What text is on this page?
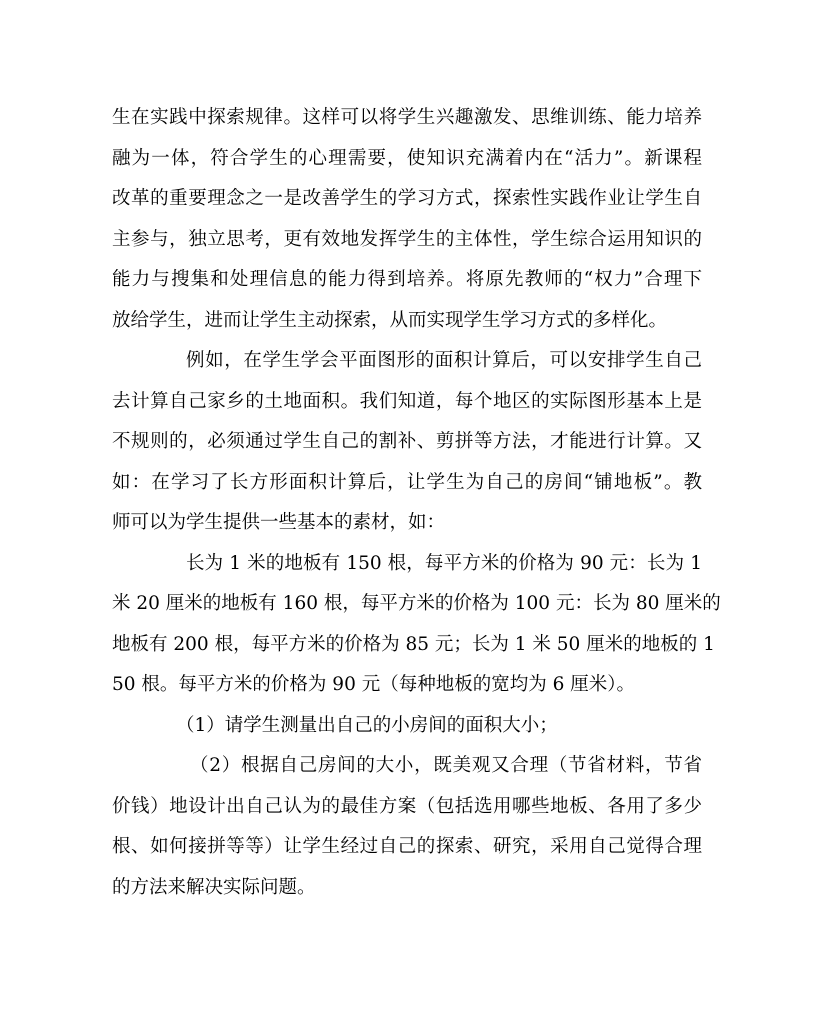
生在实践中探索规律。这样可以将学生兴趣激发、思维训练、能力培养
融为一体，符合学生的心理需要，使知识充满着内在“活力”。新课程
改革的重要理念之一是改善学生的学习方式，探索性实践作业让学生自
主参与，独立思考，更有效地发挥学生的主体性，学生综合运用知识的
能力与搜集和处理信息的能力得到培养。将原先教师的“权力”合理下
放给学生，进而让学生主动探索，从而实现学生学习方式的多样化。
例如，在学生学会平面图形的面积计算后，可以安排学生自己
去计算自己家乡的土地面积。我们知道，每个地区的实际图形基本上是
不规则的，必须通过学生自己的割补、剪拼等方法，才能进行计算。又
如：在学习了长方形面积计算后，让学生为自己的房间“铺地板”。教
师可以为学生提供一些基本的素材，如：
长为 1 米的地板有 150 根，每平方米的价格为 90 元：长为 1
米 20 厘米的地板有 160 根，每平方米的价格为 100 元：长为 80 厘米的
地板有 200 根，每平方米的价格为 85 元；长为 1 米 50 厘米的地板的 1
50 根。每平方米的价格为 90 元（每种地板的宽均为 6 厘米）。
（1）请学生测量出自己的小房间的面积大小；
（2）根据自己房间的大小，既美观又合理（节省材料，节省
价钱）地设计出自己认为的最佳方案（包括选用哪些地板、各用了多少
根、如何接拼等等）让学生经过自己的探索、研究，采用自己觉得合理
的方法来解决实际问题。
